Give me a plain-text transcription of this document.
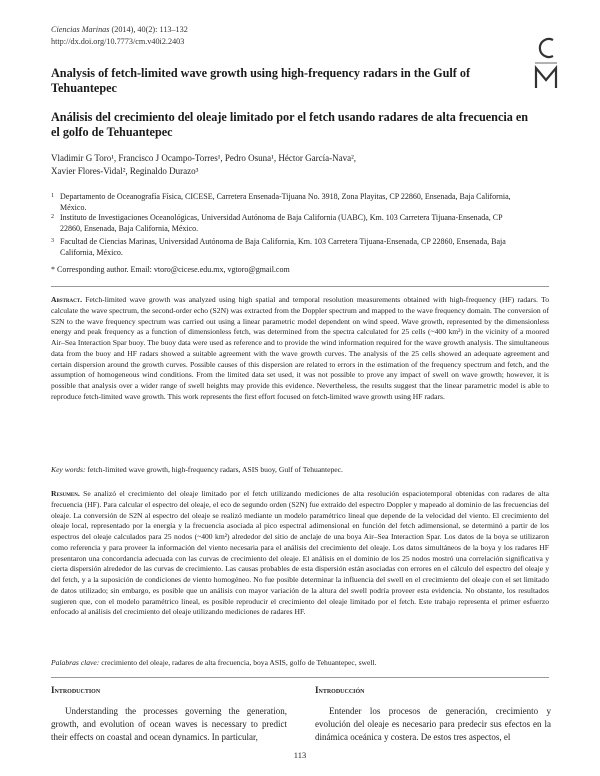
Ciencias Marinas (2014), 40(2): 113–132
http://dx.doi.org/10.7773/cm.v40i2.2403
Analysis of fetch-limited wave growth using high-frequency radars in the Gulf of Tehuantepec
Análisis del crecimiento del oleaje limitado por el fetch usando radares de alta frecuencia en el golfo de Tehuantepec
Vladimir G Toro¹, Francisco J Ocampo-Torres¹, Pedro Osuna¹, Héctor García-Nava²,
Xavier Flores-Vidal², Reginaldo Durazo³
1 Departamento de Oceanografía Física, CICESE, Carretera Ensenada-Tijuana No. 3918, Zona Playitas, CP 22860, Ensenada, Baja California, México.
2 Instituto de Investigaciones Oceanológicas, Universidad Autónoma de Baja California (UABC), Km. 103 Carretera Tijuana-Ensenada, CP 22860, Ensenada, Baja California, México.
3 Facultad de Ciencias Marinas, Universidad Autónoma de Baja California, Km. 103 Carretera Tijuana-Ensenada, CP 22860, Ensenada, Baja California, México.
* Corresponding author. Email: vtoro@cicese.edu.mx, vgtoro@gmail.com
Abstract. Fetch-limited wave growth was analyzed using high spatial and temporal resolution measurements obtained with high-frequency (HF) radars. To calculate the wave spectrum, the second-order echo (S2N) was extracted from the Doppler spectrum and mapped to the wave frequency domain. The conversion of S2N to the wave frequency spectrum was carried out using a linear parametric model dependent on wind speed. Wave growth, represented by the dimensionless energy and peak frequency as a function of dimensionless fetch, was determined from the spectra calculated for 25 cells (~400 km²) in the vicinity of a moored Air–Sea Interaction Spar buoy. The buoy data were used as reference and to provide the wind information required for the wave growth analysis. The simultaneous data from the buoy and HF radars showed a suitable agreement with the wave growth curves. The analysis of the 25 cells showed an adequate agreement and certain dispersion around the growth curves. Possible causes of this dispersion are related to errors in the estimation of the frequency spectrum and fetch, and the assumption of homogeneous wind conditions. From the limited data set used, it was not possible to prove any impact of swell on wave growth; however, it is possible that analysis over a wider range of swell heights may provide this evidence. Nevertheless, the results suggest that the linear parametric model is able to reproduce fetch-limited wave growth. This work represents the first effort focused on fetch-limited wave growth using HF radars.
Key words: fetch-limited wave growth, high-frequency radars, ASIS buoy, Gulf of Tehuantepec.
Resumen. Se analizó el crecimiento del oleaje limitado por el fetch utilizando mediciones de alta resolución espaciotemporal obtenidas con radares de alta frecuencia (HF). Para calcular el espectro del oleaje, el eco de segundo orden (S2N) fue extraído del espectro Doppler y mapeado al dominio de las frecuencias del oleaje. La conversión de S2N al espectro del oleaje se realizó mediante un modelo paramétrico lineal que depende de la velocidad del viento. El crecimiento del oleaje local, representado por la energía y la frecuencia asociada al pico espectral adimensional en función del fetch adimensional, se determinó a partir de los espectros del oleaje calculados para 25 nodos (~400 km²) alrededor del sitio de anclaje de una boya Air–Sea Interaction Spar. Los datos de la boya se utilizaron como referencia y para proveer la información del viento necesaria para el análisis del crecimiento del oleaje. Los datos simultáneos de la boya y los radares HF presentaron una concordancia adecuada con las curvas de crecimiento del oleaje. El análisis en el dominio de los 25 nodos mostró una correlación significativa y cierta dispersión alrededor de las curvas de crecimiento. Las causas probables de esta dispersión están asociadas con errores en el cálculo del espectro del oleaje y del fetch, y a la suposición de condiciones de viento homogéneo. No fue posible determinar la influencia del swell en el crecimiento del oleaje con el set limitado de datos utilizado; sin embargo, es posible que un análisis con mayor variación de la altura del swell podría proveer esta evidencia. No obstante, los resultados sugieren que, con el modelo paramétrico lineal, es posible reproducir el crecimiento del oleaje limitado por el fetch. Este trabajo representa el primer esfuerzo enfocado al análisis del crecimiento del oleaje utilizando mediciones de radares HF.
Palabras clave: crecimiento del oleaje, radares de alta frecuencia, boya ASIS, golfo de Tehuantepec, swell.
Introduction	Introducción
Understanding the processes governing the generation, growth, and evolution of ocean waves is necessary to predict their effects on coastal and ocean dynamics. In particular,
Entender los procesos de generación, crecimiento y evolución del oleaje es necesario para predecir sus efectos en la dinámica oceánica y costera. De estos tres aspectos, el
113
